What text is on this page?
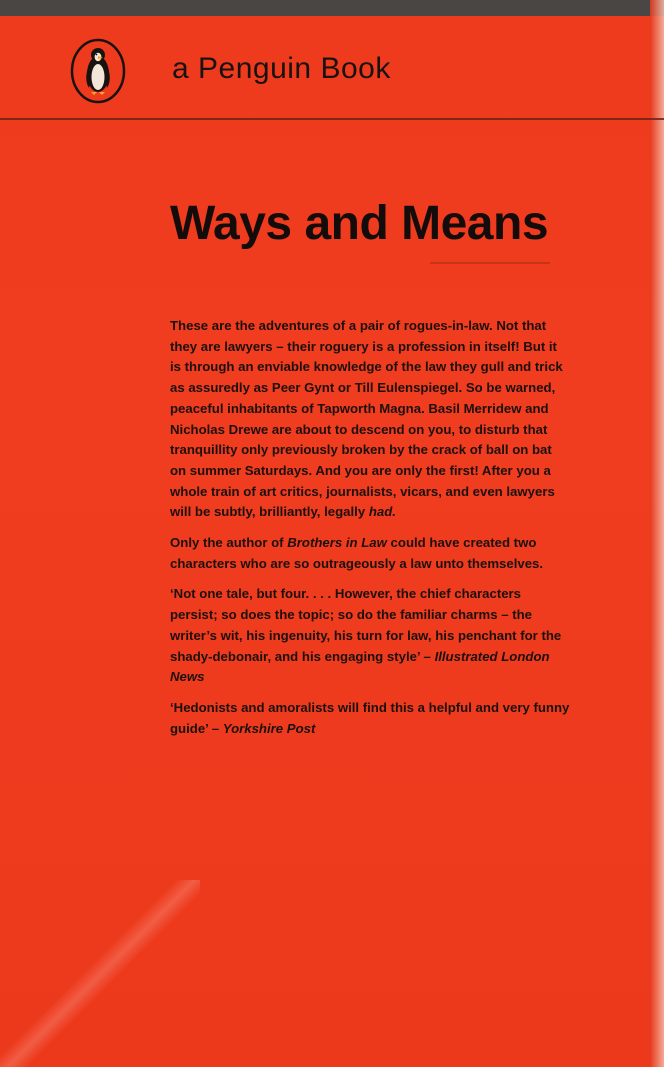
a Penguin Book
Ways and Means

These are the adventures of a pair of rogues-in-law. Not that they are lawyers – their roguery is a profession in itself! But it is through an enviable knowledge of the law they gull and trick as assuredly as Peer Gynt or Till Eulenspiegel. So be warned, peaceful inhabitants of Tapworth Magna. Basil Merridew and Nicholas Drewe are about to descend on you, to disturb that tranquillity only previously broken by the crack of ball on bat on summer Saturdays. And you are only the first! After you a whole train of art critics, journalists, vicars, and even lawyers will be subtly, brilliantly, legally had.

Only the author of Brothers in Law could have created two characters who are so outrageously a law unto themselves.

‘Not one tale, but four. . . . However, the chief characters persist; so does the topic; so do the familiar charms – the writer’s wit, his ingenuity, his turn for law, his penchant for the shady-debonair, and his engaging style’ – Illustrated London News

‘Hedonists and amoralists will find this a helpful and very funny guide’ – Yorkshire Post
